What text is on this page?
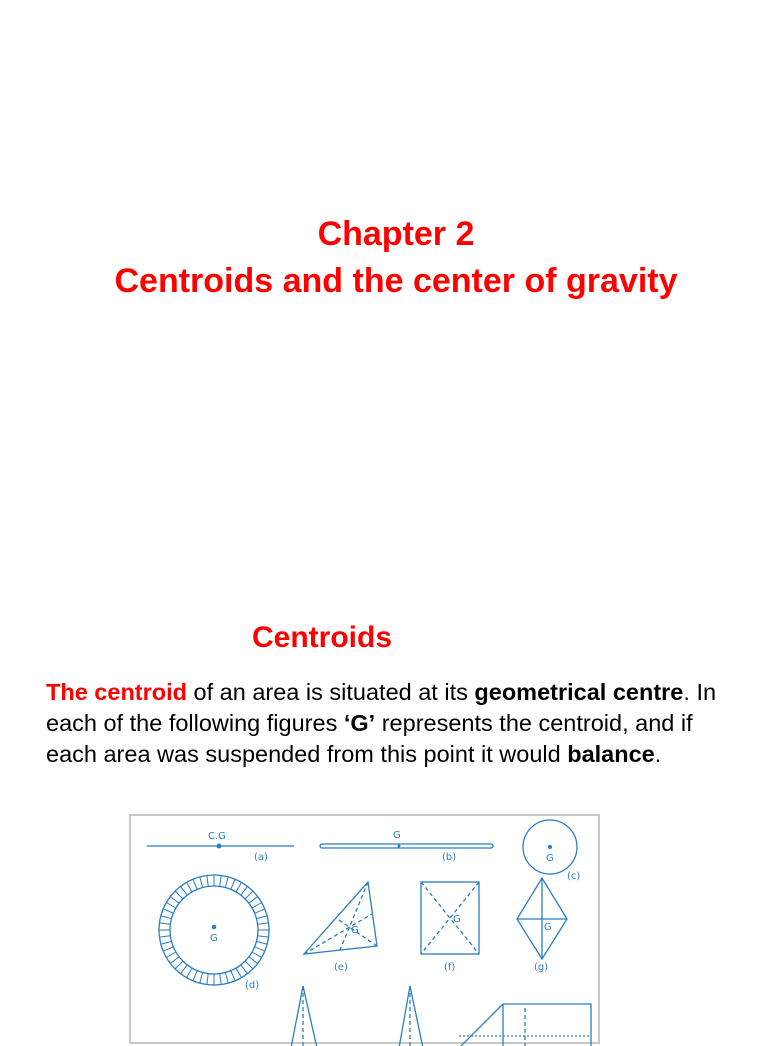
Chapter 2
Centroids and the center of gravity
Centroids
The centroid of an area is situated at its geometrical centre. In each of the following figures ‘G’ represents the centroid, and if each area was suspended from this point it would balance.
C.G
(a)
G
(b)	G
(c)
G
(d)
G
(e)
G
(f)
G
(g)
